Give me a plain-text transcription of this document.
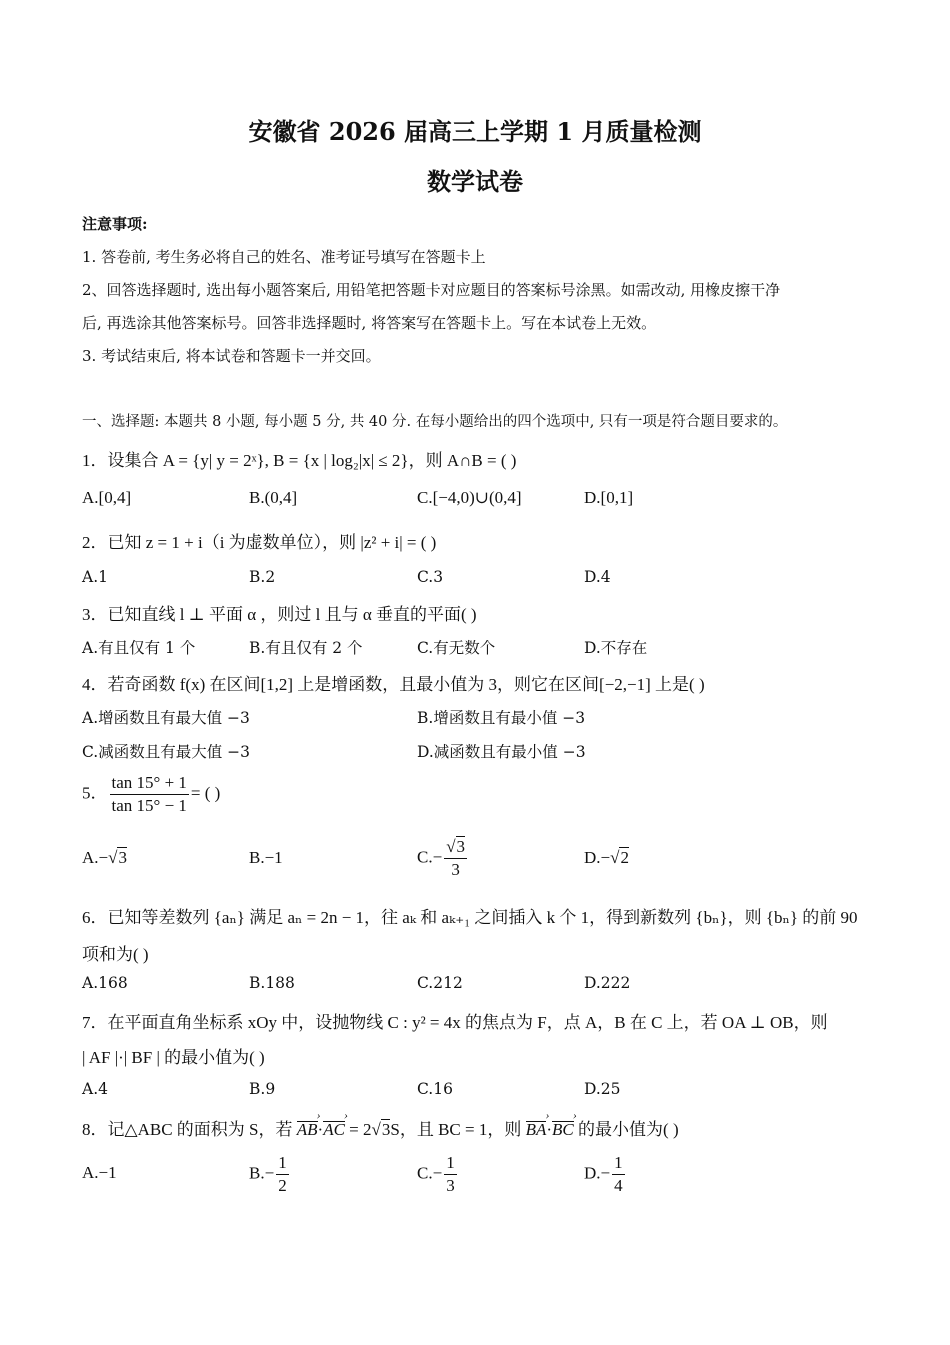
安徽省 2026 届高三上学期 1 月质量检测
数学试卷
注意事项:
1. 答卷前, 考生务必将自己的姓名、准考证号填写在答题卡上
2、回答选择题时, 选出每小题答案后, 用铅笔把答题卡对应题目的答案标号涂黑。如需改动, 用橡皮擦干净
后, 再选涂其他答案标号。回答非选择题时, 将答案写在答题卡上。写在本试卷上无效。
3. 考试结束后, 将本试卷和答题卡一并交回。
一、选择题: 本题共 8 小题, 每小题 5 分, 共 40 分. 在每小题给出的四个选项中, 只有一项是符合题目要求的。
1．设集合 A = {y| y = 2ˣ}, B = {x | log₂|x| ≤ 2}，则 A∩B = ( )
A.[0,4]	B.(0,4]	C.[−4,0)∪(0,4]	D.[0,1]
2．已知 z = 1 + i（i 为虚数单位），则 |z² + i| = ( )
A.1	B.2	C.3	D.4
3．已知直线 l ⊥ 平面 α ，则过 l 且与 α 垂直的平面( )
A.有且仅有 1 个	B.有且仅有 2 个	C.有无数个	D.不存在
4．若奇函数 f(x) 在区间[1,2] 上是增函数，且最小值为 3，则它在区间[−2,−1] 上是( )
A.增函数且有最大值 −3	B.增函数且有最小值 −3
C.减函数且有最大值 −3	D.减函数且有最小值 −3
5． $\frac{\tan 15^\circ + 1}{\tan 15^\circ - 1}$ = ( )
A.−√3	B.−1	$C.- \frac{√3}{3}$	D.−√2
6．已知等差数列 {aₙ} 满足 aₙ = 2n − 1，往 aₖ 和 aₖ₊₁ 之间插入 k 个 1，得到新数列 {bₙ}，则 {bₙ} 的前 90
项和为( )
A.168	B.188	C.212	D.222
7．在平面直角坐标系 xOy 中，设抛物线 C : y² = 4x 的焦点为 F，点 A，B 在 C 上，若 OA ⊥ OB，则
| AF |·| BF | 的最小值为( )
A.4	B.9	C.16	D.25
8．记△ABC 的面积为 S，若 AB ›·AC › = 2√3S，且 BC = 1，则 BA ›·BC › 的最小值为( )
A.−1	$B.- \frac{1}{2}$	$C.- \frac{1}{3}$	$D.- \frac{1}{4}$
